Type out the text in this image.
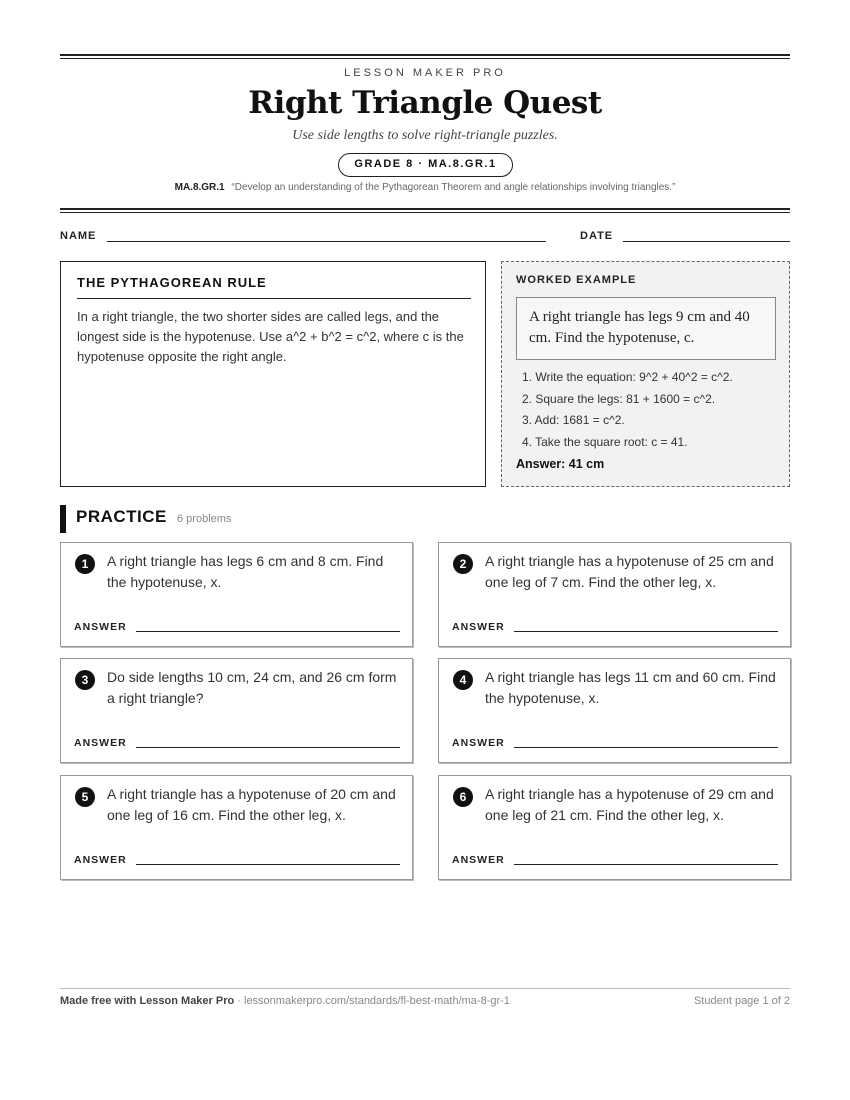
LESSON MAKER PRO
Right Triangle Quest
Use side lengths to solve right-triangle puzzles.
GRADE 8 · MA.8.GR.1
MA.8.GR.1 “Develop an understanding of the Pythagorean Theorem and angle relationships involving triangles.”
NAME	DATE
THE PYTHAGOREAN RULE
In a right triangle, the two shorter sides are called legs, and the longest side is the hypotenuse. Use a^2 + b^2 = c^2, where c is the hypotenuse opposite the right angle.
WORKED EXAMPLE
A right triangle has legs 9 cm and 40 cm. Find the hypotenuse, c.
1. Write the equation: 9^2 + 40^2 = c^2.
2. Square the legs: 81 + 1600 = c^2.
3. Add: 1681 = c^2.
4. Take the square root: c = 41.
Answer: 41 cm
PRACTICE 6 problems
1	A right triangle has legs 6 cm and 8 cm. Find the hypotenuse, x.
ANSWER
2	A right triangle has a hypotenuse of 25 cm and one leg of 7 cm. Find the other leg, x.
ANSWER
3	Do side lengths 10 cm, 24 cm, and 26 cm form a right triangle?
ANSWER
4	A right triangle has legs 11 cm and 60 cm. Find the hypotenuse, x.
ANSWER
5	A right triangle has a hypotenuse of 20 cm and one leg of 16 cm. Find the other leg, x.
ANSWER
6	A right triangle has a hypotenuse of 29 cm and one leg of 21 cm. Find the other leg, x.
ANSWER
Made free with Lesson Maker Pro · lessonmakerpro.com/standards/fl-best-math/ma-8-gr-1	Student page 1 of 2
